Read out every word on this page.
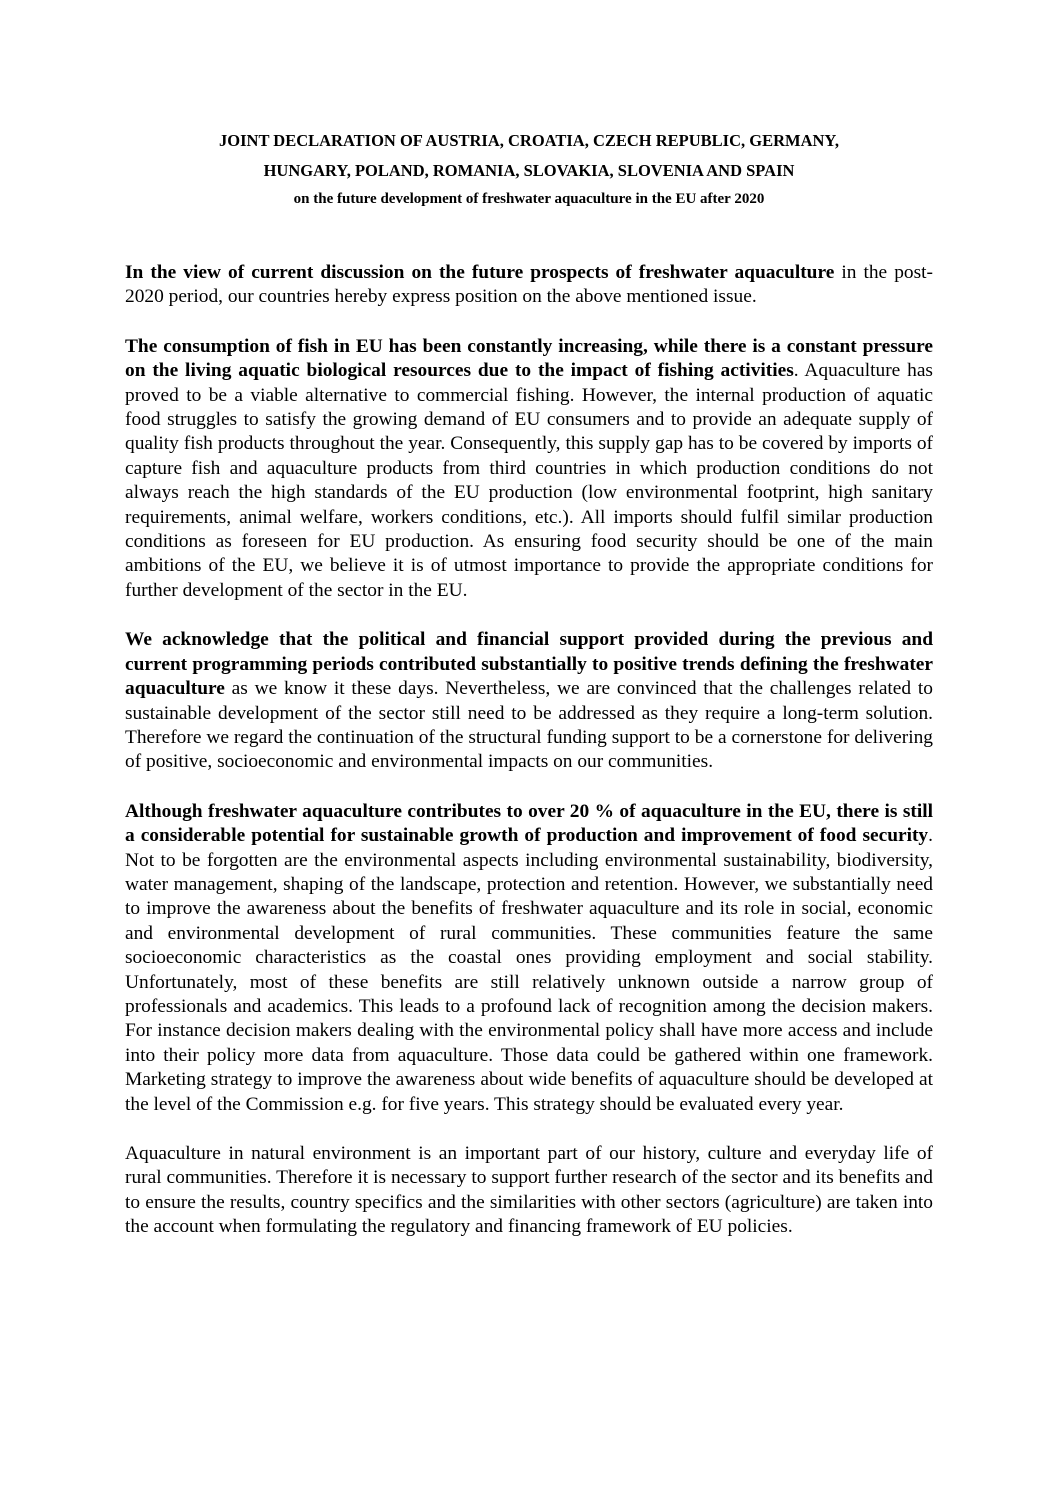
JOINT DECLARATION OF AUSTRIA, CROATIA, CZECH REPUBLIC, GERMANY,
HUNGARY, POLAND, ROMANIA, SLOVAKIA, SLOVENIA AND SPAIN
on the future development of freshwater aquaculture in the EU after 2020

In the view of current discussion on the future prospects of freshwater aquaculture in the post-2020 period, our countries hereby express position on the above mentioned issue.

The consumption of fish in EU has been constantly increasing, while there is a constant pressure on the living aquatic biological resources due to the impact of fishing activities. Aquaculture has proved to be a viable alternative to commercial fishing. However, the internal production of aquatic food struggles to satisfy the growing demand of EU consumers and to provide an adequate supply of quality fish products throughout the year. Consequently, this supply gap has to be covered by imports of capture fish and aquaculture products from third countries in which production conditions do not always reach the high standards of the EU production (low environmental footprint, high sanitary requirements, animal welfare, workers conditions, etc.). All imports should fulfil similar production conditions as foreseen for EU production. As ensuring food security should be one of the main ambitions of the EU, we believe it is of utmost importance to provide the appropriate conditions for further development of the sector in the EU.

We acknowledge that the political and financial support provided during the previous and current programming periods contributed substantially to positive trends defining the freshwater aquaculture as we know it these days. Nevertheless, we are convinced that the challenges related to sustainable development of the sector still need to be addressed as they require a long-term solution. Therefore we regard the continuation of the structural funding support to be a cornerstone for delivering of positive, socioeconomic and environmental impacts on our communities.

Although freshwater aquaculture contributes to over 20 % of aquaculture in the EU, there is still a considerable potential for sustainable growth of production and improvement of food security. Not to be forgotten are the environmental aspects including environmental sustainability, biodiversity, water management, shaping of the landscape, protection and retention. However, we substantially need to improve the awareness about the benefits of freshwater aquaculture and its role in social, economic and environmental development of rural communities. These communities feature the same socioeconomic characteristics as the coastal ones providing employment and social stability. Unfortunately, most of these benefits are still relatively unknown outside a narrow group of professionals and academics. This leads to a profound lack of recognition among the decision makers. For instance decision makers dealing with the environmental policy shall have more access and include into their policy more data from aquaculture. Those data could be gathered within one framework. Marketing strategy to improve the awareness about wide benefits of aquaculture should be developed at the level of the Commission e.g. for five years. This strategy should be evaluated every year.

Aquaculture in natural environment is an important part of our history, culture and everyday life of rural communities. Therefore it is necessary to support further research of the sector and its benefits and to ensure the results, country specifics and the similarities with other sectors (agriculture) are taken into the account when formulating the regulatory and financing framework of EU policies.
